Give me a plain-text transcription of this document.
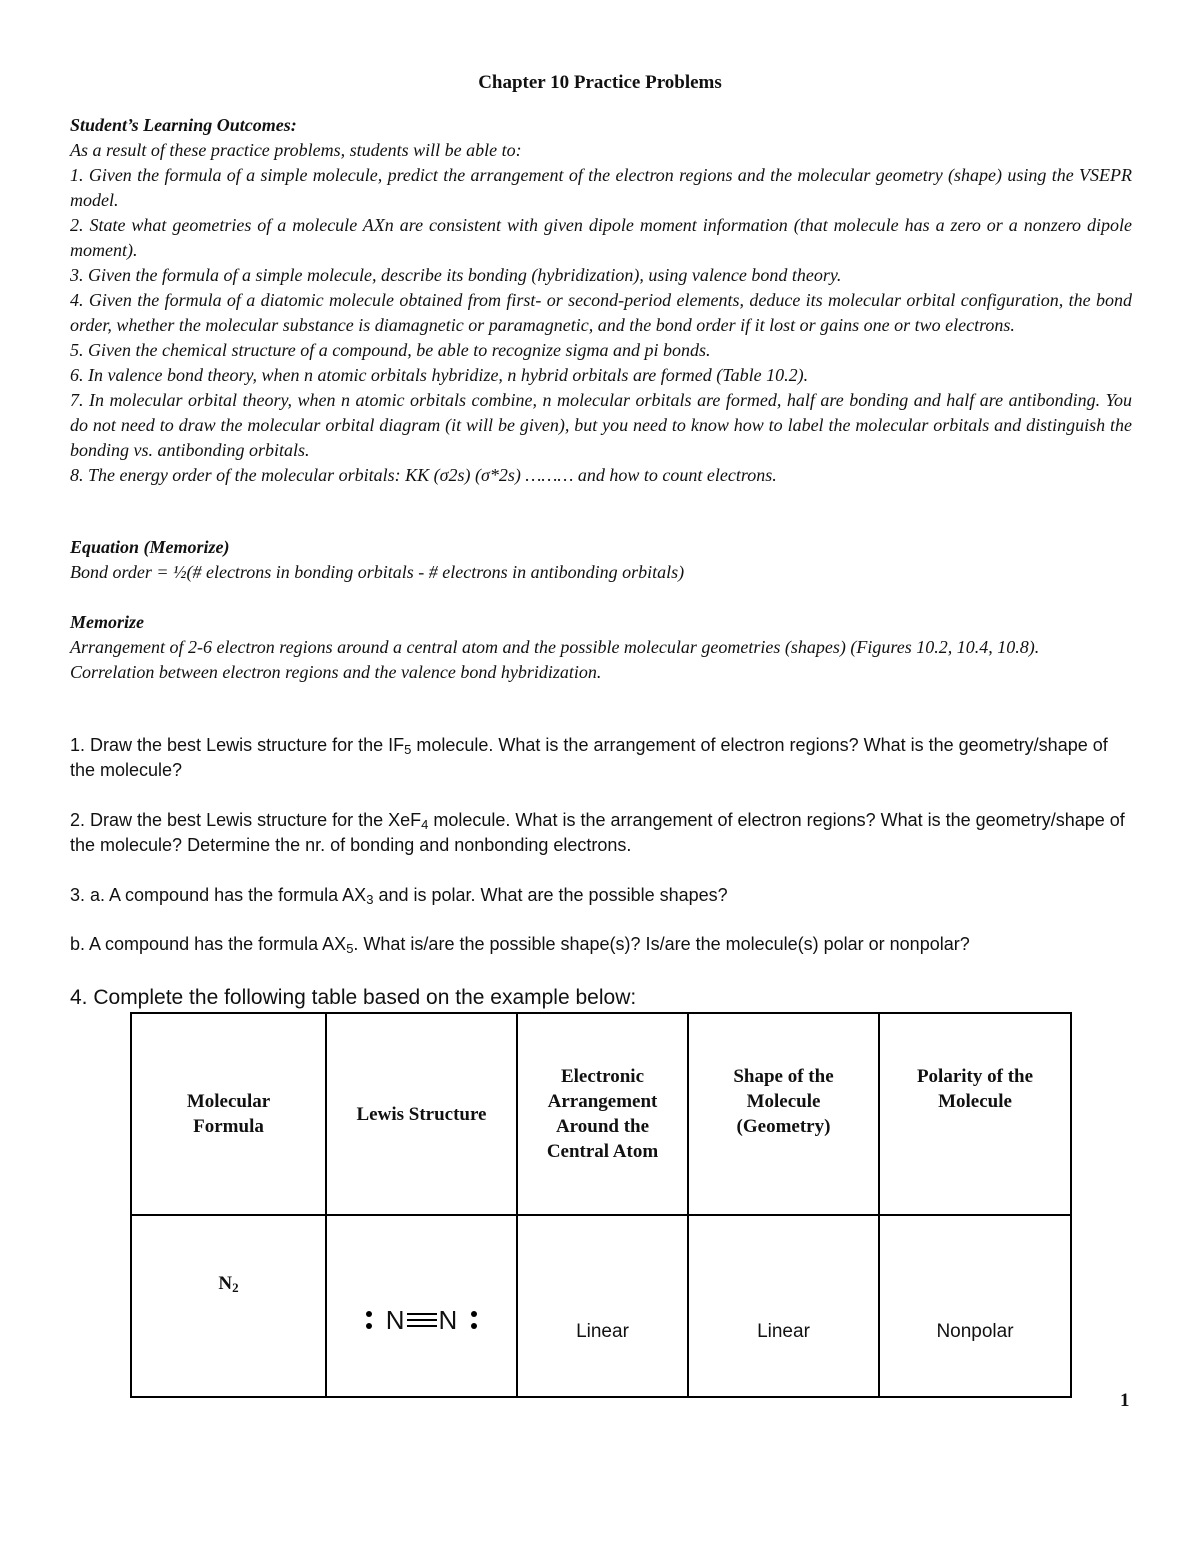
Chapter 10 Practice Problems
Student’s Learning Outcomes:
As a result of these practice problems, students will be able to:
1. Given the formula of a simple molecule, predict the arrangement of the electron regions and the molecular geometry (shape) using the VSEPR model.
2. State what geometries of a molecule AXn are consistent with given dipole moment information (that molecule has a zero or a nonzero dipole moment).
3. Given the formula of a simple molecule, describe its bonding (hybridization), using valence bond theory.
4. Given the formula of a diatomic molecule obtained from first- or second-period elements, deduce its molecular orbital configuration, the bond order, whether the molecular substance is diamagnetic or paramagnetic, and the bond order if it lost or gains one or two electrons.
5. Given the chemical structure of a compound, be able to recognize sigma and pi bonds.
6. In valence bond theory, when n atomic orbitals hybridize, n hybrid orbitals are formed (Table 10.2).
7. In molecular orbital theory, when n atomic orbitals combine, n molecular orbitals are formed, half are bonding and half are antibonding. You do not need to draw the molecular orbital diagram (it will be given), but you need to know how to label the molecular orbitals and distinguish the bonding vs. antibonding orbitals.
8. The energy order of the molecular orbitals: KK (σ2s) (σ*2s) ……… and how to count electrons.
Equation (Memorize)
Bond order = ½(# electrons in bonding orbitals - # electrons in antibonding orbitals)
Memorize
Arrangement of 2-6 electron regions around a central atom and the possible molecular geometries (shapes) (Figures 10.2, 10.4, 10.8).
Correlation between electron regions and the valence bond hybridization.
1. Draw the best Lewis structure for the $IF_5$ molecule. What is the arrangement of electron regions? What is the geometry/shape of the molecule?
2. Draw the best Lewis structure for the XeF$_4$ molecule. What is the arrangement of electron regions? What is the geometry/shape of the molecule? Determine the nr. of bonding and nonbonding electrons.
3. a. A compound has the formula $AX_3$ and is polar. What are the possible shapes?
b. A compound has the formula $AX_5$. What is/are the possible shape(s)? Is/are the molecule(s) polar or nonpolar?
4. Complete the following table based on the example below:
Molecular Formula	Lewis Structure	Electronic Arrangement Around the Central Atom	Shape of the Molecule (Geometry)	Polarity of the Molecule

$N_2$	N N	Linear	Linear	Nonpolar
1
